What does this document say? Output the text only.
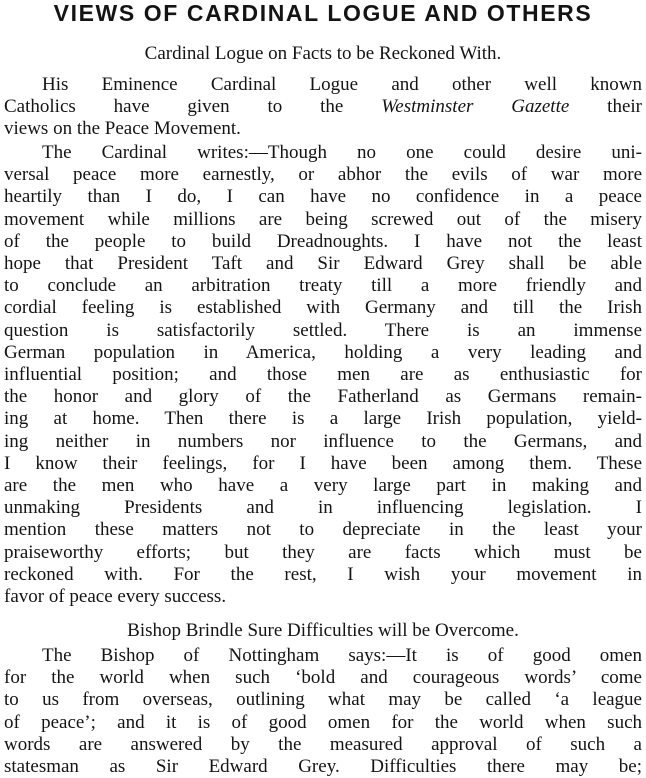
VIEWS OF CARDINAL LOGUE AND OTHERS
Cardinal Logue on Facts to be Reckoned With.
His Eminence Cardinal Logue and other well known
Catholics have given to the Westminster Gazette their
views on the Peace Movement.
The Cardinal writes:—Though no one could desire uni-
versal peace more earnestly, or abhor the evils of war more
heartily than I do, I can have no confidence in a peace
movement while millions are being screwed out of the misery
of the people to build Dreadnoughts. I have not the least
hope that President Taft and Sir Edward Grey shall be able
to conclude an arbitration treaty till a more friendly and
cordial feeling is established with Germany and till the Irish
question is satisfactorily settled. There is an immense
German population in America, holding a very leading and
influential position; and those men are as enthusiastic for
the honor and glory of the Fatherland as Germans remain-
ing at home. Then there is a large Irish population, yield-
ing neither in numbers nor influence to the Germans, and
I know their feelings, for I have been among them. These
are the men who have a very large part in making and
unmaking Presidents and in influencing legislation. I
mention these matters not to depreciate in the least your
praiseworthy efforts; but they are facts which must be
reckoned with. For the rest, I wish your movement in
favor of peace every success.
Bishop Brindle Sure Difficulties will be Overcome.
The Bishop of Nottingham says:—It is of good omen
for the world when such ‘bold and courageous words’ come
to us from overseas, outlining what may be called ‘a league
of peace’; and it is of good omen for the world when such
words are answered by the measured approval of such a
statesman as Sir Edward Grey. Difficulties there may be;
